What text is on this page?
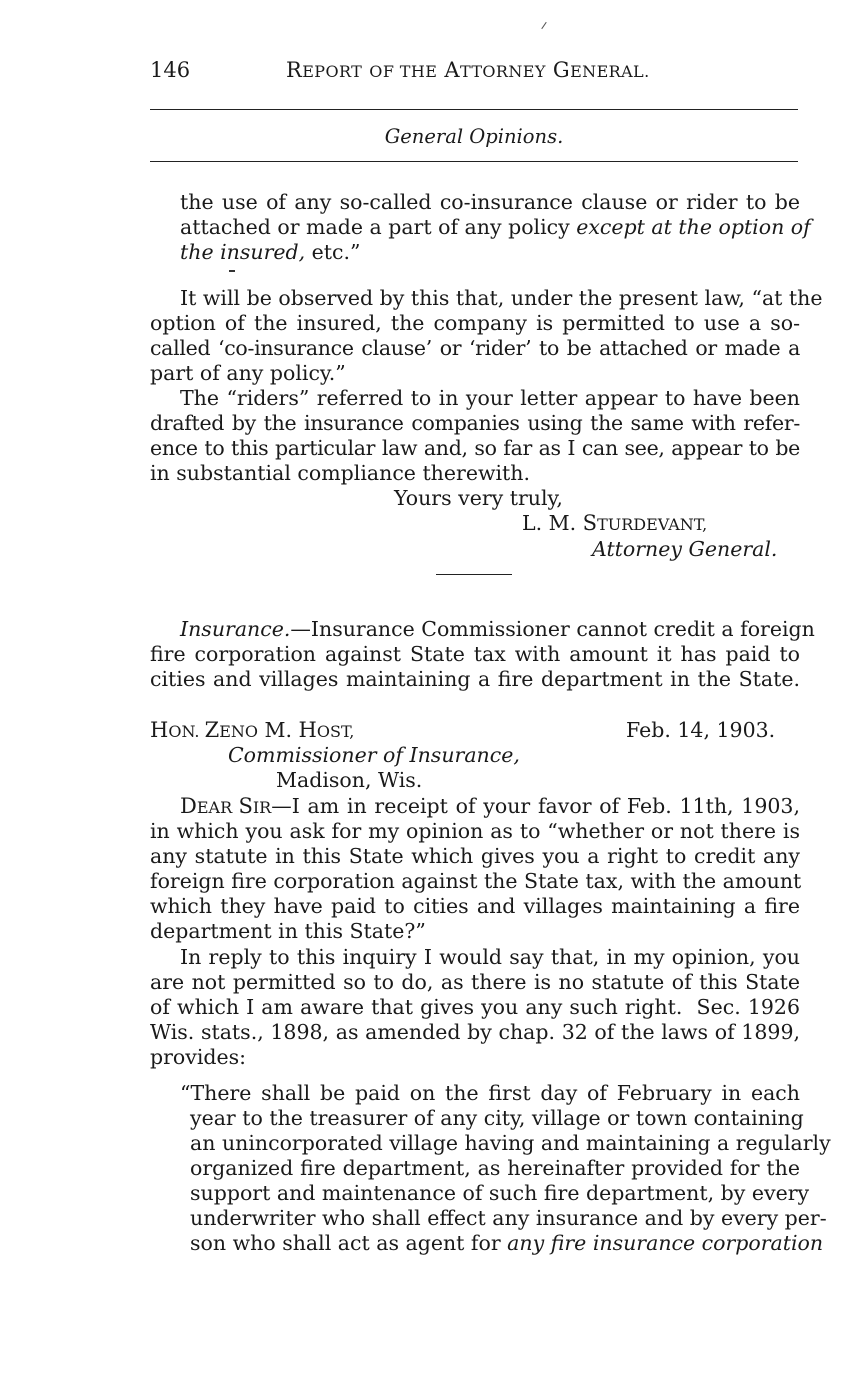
146	REPORT OF THE ATTORNEY GENERAL.
General Opinions.
the use of any so-called co-insurance clause or rider to be
attached or made a part of any policy except at the option of
the insured, etc.”
It will be observed by this that, under the present law, “at the
option of the insured, the company is permitted to use a so-
called ‘co-insurance clause’ or ‘rider’ to be attached or made a
part of any policy.”
The “riders” referred to in your letter appear to have been
drafted by the insurance companies using the same with refer-
ence to this particular law and, so far as I can see, appear to be
in substantial compliance therewith.
Yours very truly,
L. M. STURDEVANT,
Attorney General.
Insurance.—Insurance Commissioner cannot credit a foreign
fire corporation against State tax with amount it has paid to
cities and villages maintaining a fire department in the State.
HON. ZENO M. HOST,	Feb. 14, 1903.
Commissioner of Insurance,
Madison, Wis.
DEAR SIR—I am in receipt of your favor of Feb. 11th, 1903,
in which you ask for my opinion as to “whether or not there is
any statute in this State which gives you a right to credit any
foreign fire corporation against the State tax, with the amount
which they have paid to cities and villages maintaining a fire
department in this State?”
In reply to this inquiry I would say that, in my opinion, you
are not permitted so to do, as there is no statute of this State
of which I am aware that gives you any such right.  Sec. 1926
Wis. stats., 1898, as amended by chap. 32 of the laws of 1899,
provides:
“There shall be paid on the first day of February in each
year to the treasurer of any city, village or town containing
an unincorporated village having and maintaining a regularly
organized fire department, as hereinafter provided for the
support and maintenance of such fire department, by every
underwriter who shall effect any insurance and by every per-
son who shall act as agent for any fire insurance corporation
